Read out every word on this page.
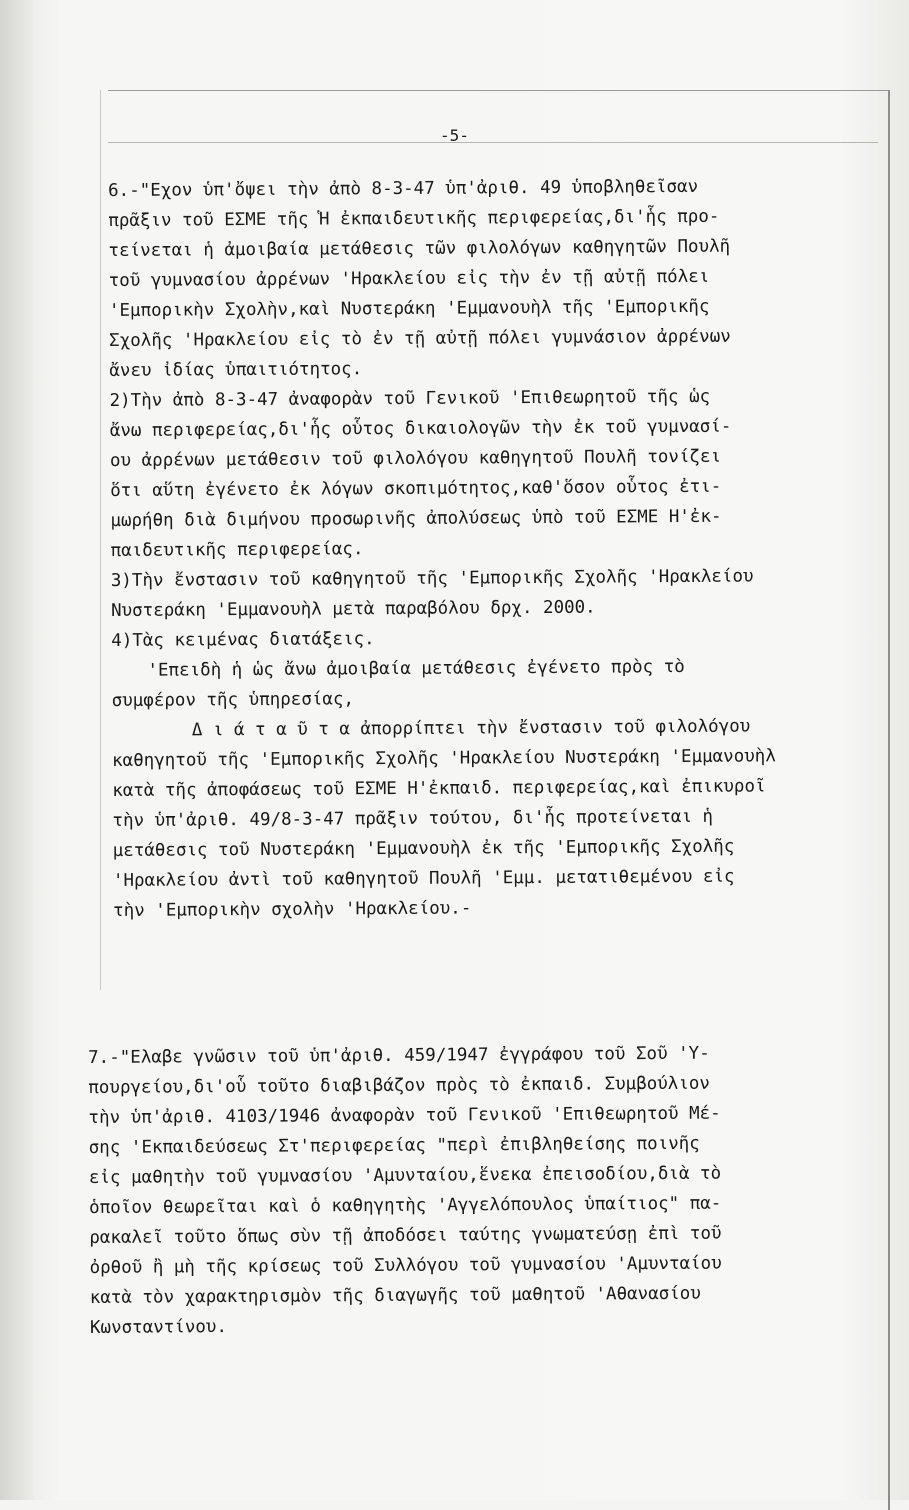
-5-
6.-"Εχον ὑπ'ὄψει τὴν ἀπὸ 8-3-47 ὑπ'ἀριθ. 49 ὑποβληθεῖσαν
πρᾶξιν τοῦ ΕΣΜΕ τῆς Ἡ ἐκπαιδευτικῆς περιφερείας,δι'ἧς προ-
τείνεται ἡ ἀμοιβαία μετάθεσις τῶν φιλολόγων καθηγητῶν Πουλῆ
τοῦ γυμνασίου ἀρρένων 'Ηρακλείου εἰς τὴν ἐν τῇ αὐτῇ πόλει
'Εμπορικὴν Σχολὴν,καὶ Νυστεράκη 'Εμμανουὴλ τῆς 'Εμπορικῆς
Σχολῆς 'Ηρακλείου εἰς τὸ ἐν τῇ αὐτῇ πόλει γυμνάσιον ἀρρένων
ἄνευ ἰδίας ὑπαιτιότητος.
2)Τὴν ἀπὸ 8-3-47 ἀναφορὰν τοῦ Γενικοῦ 'Επιθεωρητοῦ τῆς ὡς
ἄνω περιφερείας,δι'ἧς οὗτος δικαιολογῶν τὴν ἐκ τοῦ γυμνασί-
ου ἀρρένων μετάθεσιν τοῦ φιλολόγου καθηγητοῦ Πουλῆ τονίζει
ὅτι αὕτη ἐγένετο ἐκ λόγων σκοπιμότητος,καθ'ὅσον οὗτος ἐτι-
μωρήθη διὰ διμήνου προσωρινῆς ἀπολύσεως ὑπὸ τοῦ ΕΣΜΕ Η'ἐκ-
παιδευτικῆς περιφερείας.
3)Τὴν ἔνστασιν τοῦ καθηγητοῦ τῆς 'Εμπορικῆς Σχολῆς 'Ηρακλείου
Νυστεράκη 'Εμμανουὴλ μετὰ παραβόλου δρχ. 2000.
4)Τὰς κειμένας διατάξεις.
'Επειδὴ ἡ ὡς ἄνω ἀμοιβαία μετάθεσις ἐγένετο πρὸς τὸ
συμφέρον τῆς ὑπηρεσίας,
Δ ι ά τ α ῦ τ α ἀπορρίπτει τὴν ἔνστασιν τοῦ φιλολόγου
καθηγητοῦ τῆς 'Εμπορικῆς Σχολῆς 'Ηρακλείου Νυστεράκη 'Εμμανουὴλ
κατὰ τῆς ἀποφάσεως τοῦ ΕΣΜΕ Η'ἐκπαιδ. περιφερείας,καὶ ἐπικυροῖ
τὴν ὑπ'ἀριθ. 49/8-3-47 πρᾶξιν τούτου, δι'ἧς προτείνεται ἡ
μετάθεσις τοῦ Νυστεράκη 'Εμμανουὴλ ἐκ τῆς 'Εμπορικῆς Σχολῆς
'Ηρακλείου ἀντὶ τοῦ καθηγητοῦ Πουλῆ 'Εμμ. μετατιθεμένου εἰς
τὴν 'Εμπορικὴν σχολὴν 'Ηρακλείου.-
7.-"Ελαβε γνῶσιν τοῦ ὑπ'ἀριθ. 459/1947 ἐγγράφου τοῦ Σοῦ 'Υ-
πουργείου,δι'οὗ τοῦτο διαβιβάζον πρὸς τὸ ἐκπαιδ. Συμβούλιον
τὴν ὑπ'ἀριθ. 4103/1946 ἀναφορὰν τοῦ Γενικοῦ 'Επιθεωρητοῦ Μέ-
σης 'Εκπαιδεύσεως Στ'περιφερείας "περὶ ἐπιβληθείσης ποινῆς
εἰς μαθητὴν τοῦ γυμνασίου 'Αμυνταίου,ἕνεκα ἐπεισοδίου,διὰ τὸ
ὁποῖον θεωρεῖται καὶ ὁ καθηγητὴς 'Αγγελόπουλος ὑπαίτιος" πα-
ρακαλεῖ τοῦτο ὅπως σὺν τῇ ἀποδόσει ταύτης γνωματεύσῃ ἐπὶ τοῦ
ὀρθοῦ ἢ μὴ τῆς κρίσεως τοῦ Συλλόγου τοῦ γυμνασίου 'Αμυνταίου
κατὰ τὸν χαρακτηρισμὸν τῆς διαγωγῆς τοῦ μαθητοῦ 'Αθανασίου
Κωνσταντίνου.
